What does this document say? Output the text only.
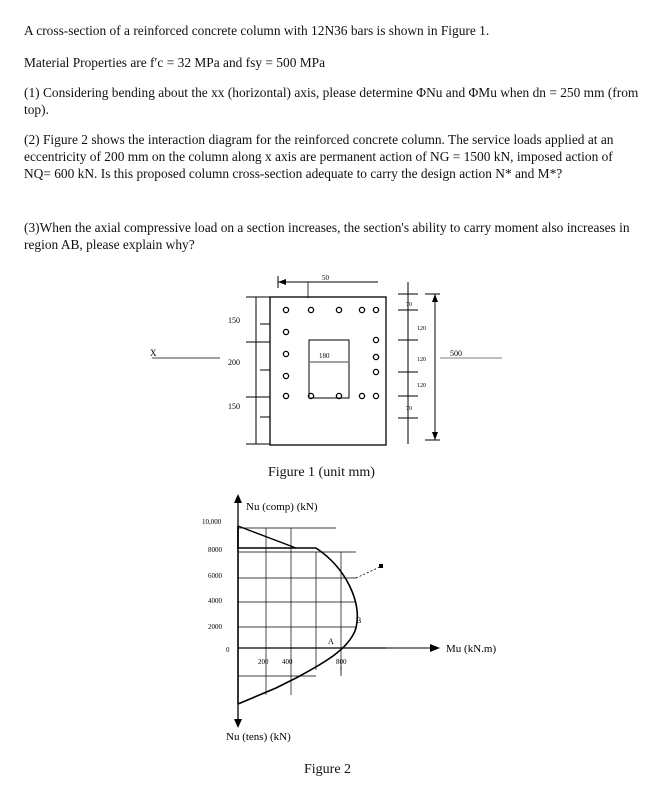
A cross-section of a reinforced concrete column with 12N36 bars is shown in Figure 1.
Material Properties are f′c = 32 MPa and fsy = 500 MPa
(1) Considering bending about the xx (horizontal) axis, please determine ΦNu and ΦMu when dn = 250 mm (from top).
(2) Figure 2 shows the interaction diagram for the reinforced concrete column. The service loads applied at an eccentricity of 200 mm on the column along x axis are permanent action of NG = 1500 kN, imposed action of NQ= 600 kN. Is this proposed column cross-section adequate to carry the design action N* and M*?
(3)When the axial compressive load on a section increases, the section's ability to carry moment also increases in region AB, please explain why?
50
180
150
200
150
X
70
120
120
120
70
500
Figure 1 (unit mm)
Nu (comp) (kN)
Mu (kN.m)
10,000
8000
6000
4000
2000
0
200 400	800
A
B
Nu (tens) (kN)
Figure 2
